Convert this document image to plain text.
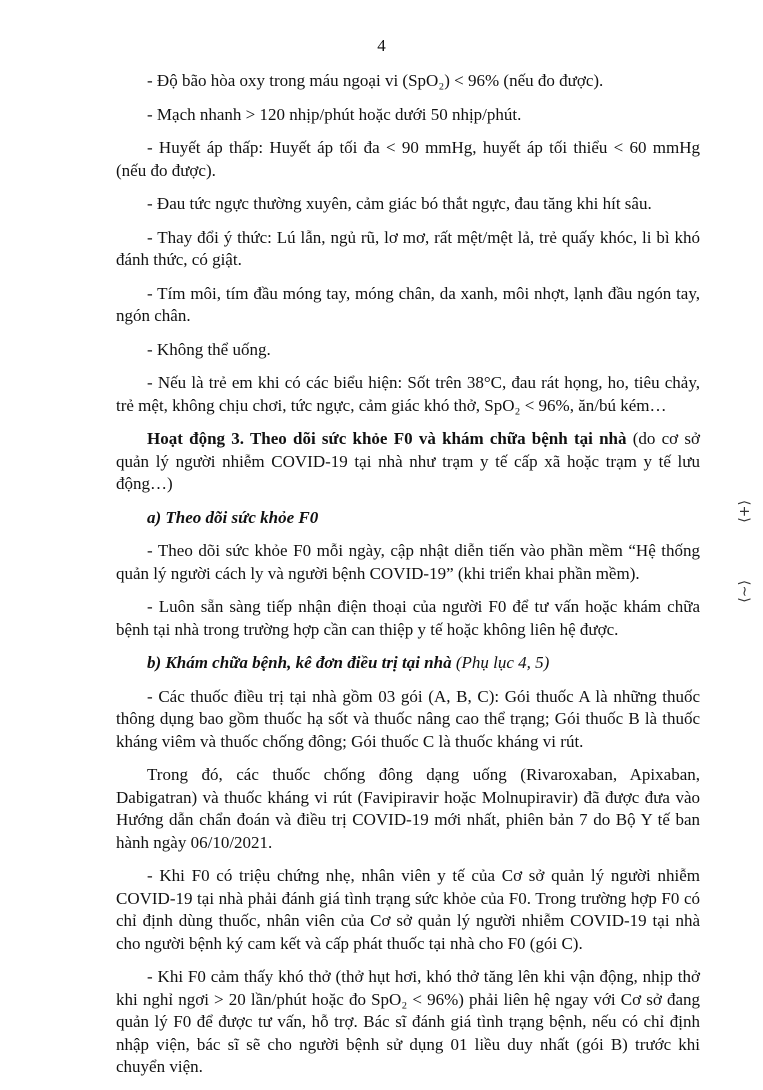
4

- Độ bão hòa oxy trong máu ngoại vi (SpO₂) < 96% (nếu đo được).

- Mạch nhanh > 120 nhịp/phút hoặc dưới 50 nhịp/phút.

- Huyết áp thấp: Huyết áp tối đa < 90 mmHg, huyết áp tối thiểu < 60 mmHg (nếu đo được).

- Đau tức ngực thường xuyên, cảm giác bó thắt ngực, đau tăng khi hít sâu.

- Thay đổi ý thức: Lú lẫn, ngủ rũ, lơ mơ, rất mệt/mệt lả, trẻ quấy khóc, li bì khó đánh thức, có giật.

- Tím môi, tím đầu móng tay, móng chân, da xanh, môi nhợt, lạnh đầu ngón tay, ngón chân.

- Không thể uống.

- Nếu là trẻ em khi có các biểu hiện: Sốt trên 38°C, đau rát họng, ho, tiêu chảy, trẻ mệt, không chịu chơi, tức ngực, cảm giác khó thở, SpO₂ < 96%, ăn/bú kém…

Hoạt động 3. Theo dõi sức khỏe F0 và khám chữa bệnh tại nhà (do cơ sở quản lý người nhiễm COVID-19 tại nhà như trạm y tế cấp xã hoặc trạm y tế lưu động…)

a) Theo dõi sức khỏe F0

- Theo dõi sức khỏe F0 mỗi ngày, cập nhật diễn tiến vào phần mềm “Hệ thống quản lý người cách ly và người bệnh COVID-19” (khi triển khai phần mềm).

- Luôn sẵn sàng tiếp nhận điện thoại của người F0 để tư vấn hoặc khám chữa bệnh tại nhà trong trường hợp cần can thiệp y tế hoặc không liên hệ được.

b) Khám chữa bệnh, kê đơn điều trị tại nhà (Phụ lục 4, 5)

- Các thuốc điều trị tại nhà gồm 03 gói (A, B, C): Gói thuốc A là những thuốc thông dụng bao gồm thuốc hạ sốt và thuốc nâng cao thể trạng; Gói thuốc B là thuốc kháng viêm và thuốc chống đông; Gói thuốc C là thuốc kháng vi rút.

Trong đó, các thuốc chống đông dạng uống (Rivaroxaban, Apixaban, Dabigatran) và thuốc kháng vi rút (Favipiravir hoặc Molnupiravir) đã được đưa vào Hướng dẫn chẩn đoán và điều trị COVID-19 mới nhất, phiên bản 7 do Bộ Y tế ban hành ngày 06/10/2021.

- Khi F0 có triệu chứng nhẹ, nhân viên y tế của Cơ sở quản lý người nhiễm COVID-19 tại nhà phải đánh giá tình trạng sức khỏe của F0. Trong trường hợp F0 có chỉ định dùng thuốc, nhân viên của Cơ sở quản lý người nhiễm COVID-19 tại nhà cho người bệnh ký cam kết và cấp phát thuốc tại nhà cho F0 (gói C).

- Khi F0 cảm thấy khó thở (thở hụt hơi, khó thở tăng lên khi vận động, nhịp thở khi nghỉ ngơi > 20 lần/phút hoặc đo SpO₂ < 96%) phải liên hệ ngay với Cơ sở đang quản lý F0 để được tư vấn, hỗ trợ. Bác sĩ đánh giá tình trạng bệnh, nếu có chỉ định nhập viện, bác sĩ sẽ cho người bệnh sử dụng 01 liều duy nhất (gói B) trước khi chuyển viện.

⟨+⟩
⟨~⟩
